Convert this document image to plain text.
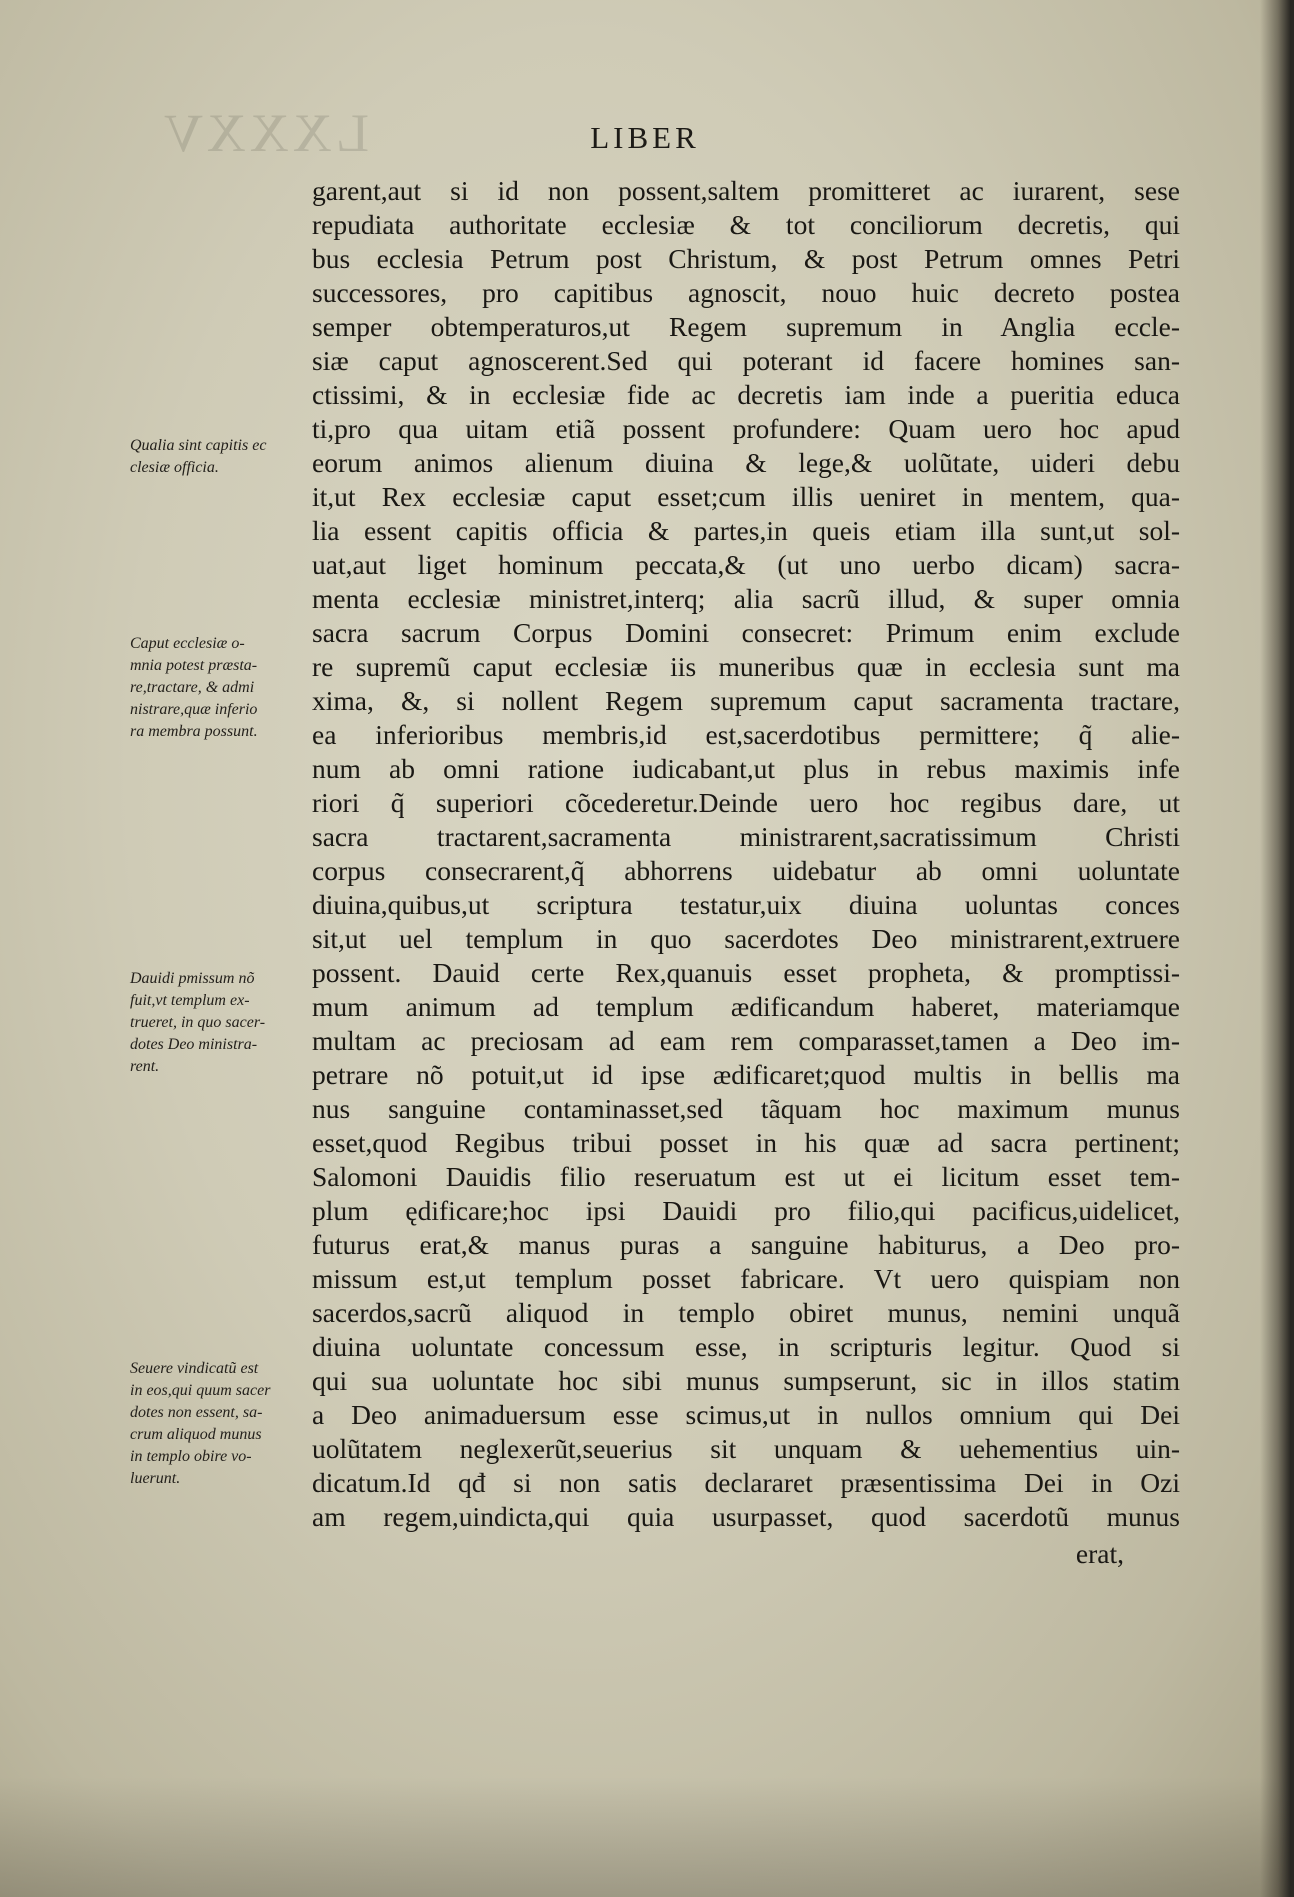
LXXXV	LIBER
garent,aut si id non possent,saltem promitteret ac iurarent, sese
repudiata authoritate ecclesiæ & tot conciliorum decretis, qui
bus ecclesia Petrum post Christum, & post Petrum omnes Petri
successores, pro capitibus agnoscit, nouo huic decreto postea
semper obtemperaturos,ut Regem supremum in Anglia eccle-
siæ caput agnoscerent.Sed qui poterant id facere homines san-
ctissimi, & in ecclesiæ fide ac decretis iam inde a pueritia educa
ti,pro qua uitam etiã possent profundere: Quam uero hoc apud
eorum animos alienum diuina & lege,& uolũtate, uideri debu
it,ut Rex ecclesiæ caput esset;cum illis ueniret in mentem, qua-
lia essent capitis officia & partes,in queis etiam illa sunt,ut sol-
uat,aut liget hominum peccata,& (ut uno uerbo dicam) sacra-
menta ecclesiæ ministret,interq; alia sacrũ illud, & super omnia
sacra sacrum Corpus Domini consecret: Primum enim exclude
re supremũ caput ecclesiæ iis muneribus quæ in ecclesia sunt ma
xima, &, si nollent Regem supremum caput sacramenta tractare,
ea inferioribus membris,id est,sacerdotibus permittere; q̃ alie-
num ab omni ratione iudicabant,ut plus in rebus maximis infe
riori q̃ superiori cõcederetur.Deinde uero hoc regibus dare, ut
sacra tractarent,sacramenta ministrarent,sacratissimum Christi
corpus consecrarent,q̃ abhorrens uidebatur ab omni uoluntate
diuina,quibus,ut scriptura testatur,uix diuina uoluntas conces
sit,ut uel templum in quo sacerdotes Deo ministrarent,extruere
possent. Dauid certe Rex,quanuis esset propheta, & promptissi-
mum animum ad templum ædificandum haberet, materiamque
multam ac preciosam ad eam rem comparasset,tamen a Deo im-
petrare nõ potuit,ut id ipse ædificaret;quod multis in bellis ma
nus sanguine contaminasset,sed tãquam hoc maximum munus
esset,quod Regibus tribui posset in his quæ ad sacra pertinent;
Salomoni Dauidis filio reseruatum est ut ei licitum esset tem-
plum ędificare;hoc ipsi Dauidi pro filio,qui pacificus,uidelicet,
futurus erat,& manus puras a sanguine habiturus, a Deo pro-
missum est,ut templum posset fabricare. Vt uero quispiam non
sacerdos,sacrũ aliquod in templo obiret munus, nemini unquã
diuina uoluntate concessum esse, in scripturis legitur. Quod si
qui sua uoluntate hoc sibi munus sumpserunt, sic in illos statim
a Deo animaduersum esse scimus,ut in nullos omnium qui Dei
uolũtatem neglexerũt,seuerius sit unquam & uehementius uin-
dicatum.Id qđ si non satis declararet præsentissima Dei in Ozi
am regem,uindicta,qui quia usurpasset, quod sacerdotũ munus
erat,
Qualia sint capitis ec
clesiæ officia.
Caput ecclesiæ o-
mnia potest præsta-
re,tractare, & admi
nistrare,quæ inferio
ra membra possunt.
Dauidi pmissum nõ
fuit,vt templum ex-
trueret, in quo sacer-
dotes Deo ministra-
rent.
Seuere vindicatũ est
in eos,qui quum sacer
dotes non essent, sa-
crum aliquod munus
in templo obire vo-
luerunt.
